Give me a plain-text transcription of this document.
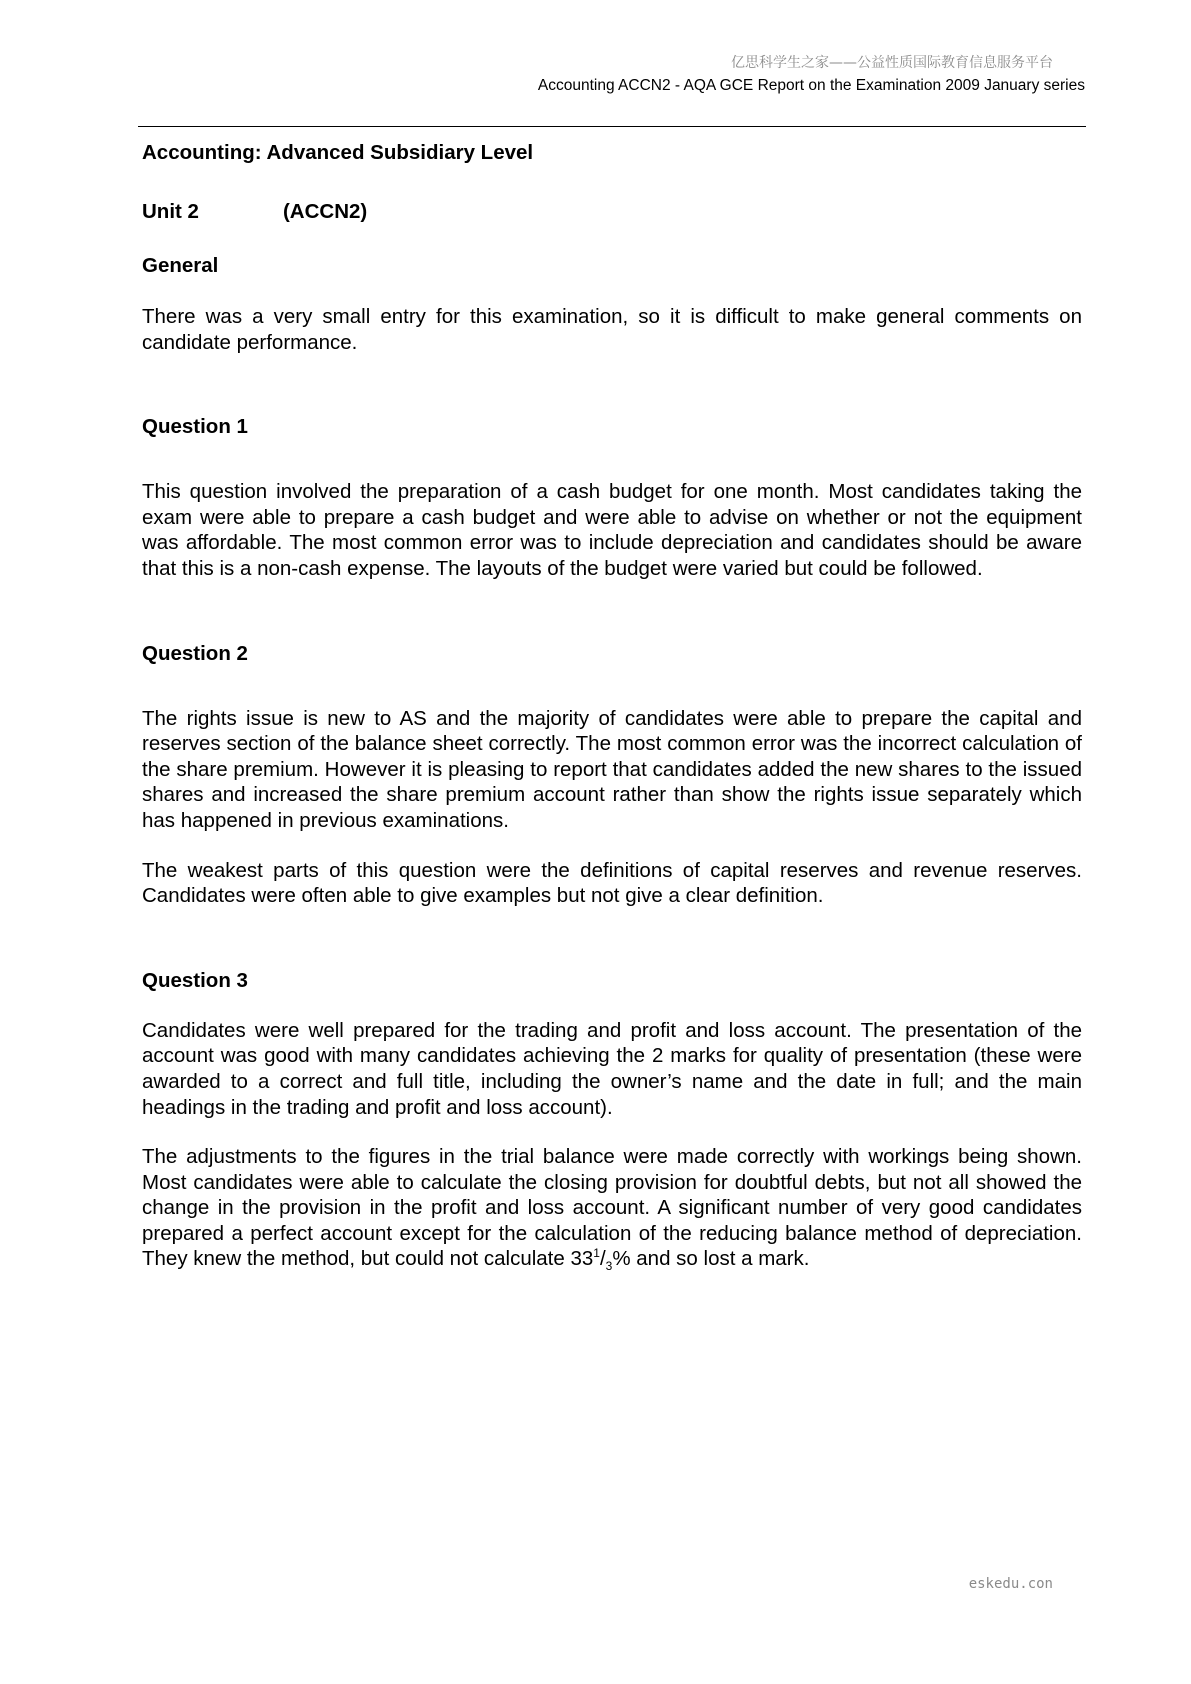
亿思科学生之家——公益性质国际教育信息服务平台
Accounting ACCN2 - AQA GCE Report on the Examination 2009 January series

Accounting: Advanced Subsidiary Level

Unit 2	(ACCN2)

General

There was a very small entry for this examination, so it is difficult to make general comments on candidate performance.

Question 1

This question involved the preparation of a cash budget for one month. Most candidates taking the exam were able to prepare a cash budget and were able to advise on whether or not the equipment was affordable. The most common error was to include depreciation and candidates should be aware that this is a non-cash expense. The layouts of the budget were varied but could be followed.

Question 2

The rights issue is new to AS and the majority of candidates were able to prepare the capital and reserves section of the balance sheet correctly. The most common error was the incorrect calculation of the share premium. However it is pleasing to report that candidates added the new shares to the issued shares and increased the share premium account rather than show the rights issue separately which has happened in previous examinations.

The weakest parts of this question were the definitions of capital reserves and revenue reserves. Candidates were often able to give examples but not give a clear definition.

Question 3

Candidates were well prepared for the trading and profit and loss account. The presentation of the account was good with many candidates achieving the 2 marks for quality of presentation (these were awarded to a correct and full title, including the owner’s name and the date in full; and the main headings in the trading and profit and loss account).

The adjustments to the figures in the trial balance were made correctly with workings being shown. Most candidates were able to calculate the closing provision for doubtful debts, but not all showed the change in the provision in the profit and loss account. A significant number of very good candidates prepared a perfect account except for the calculation of the reducing balance method of depreciation. They knew the method, but could not calculate $33^1/_3\%$ and so lost a mark.

eskedu.con
